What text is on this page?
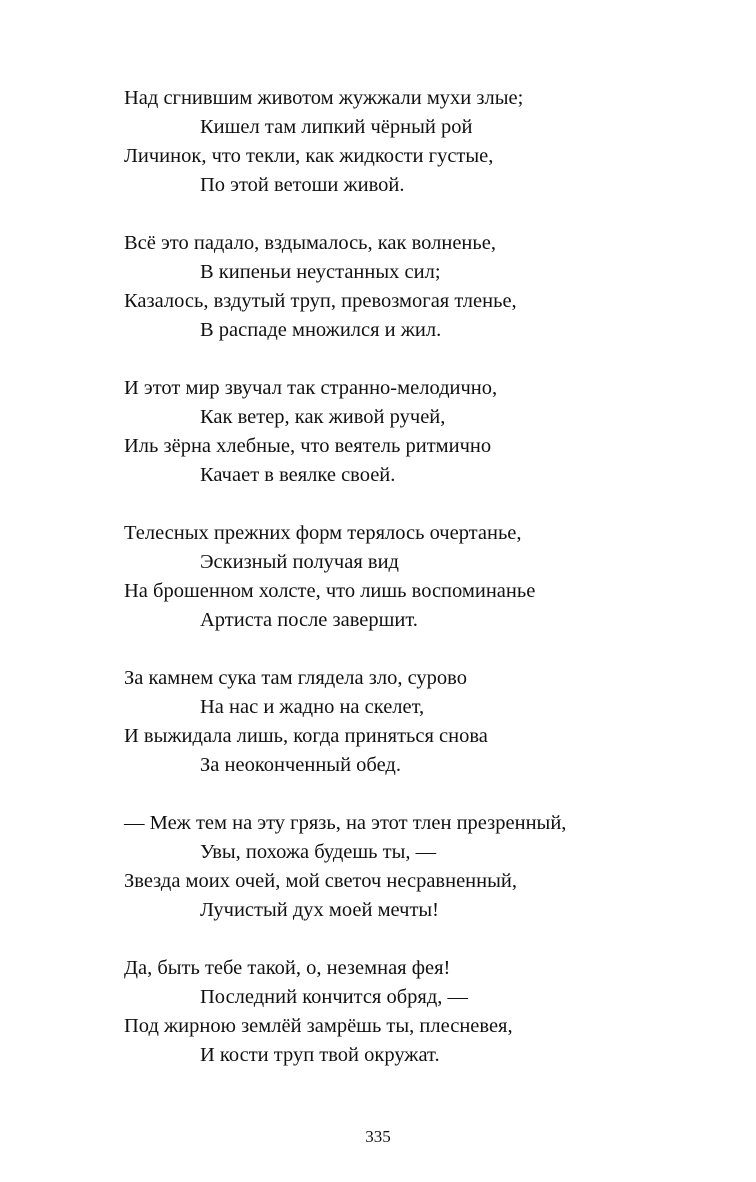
Над сгнившим животом жужжали мухи злые;
Кишел там липкий чёрный рой
Личинок, что текли, как жидкости густые,
По этой ветоши живой.
Всё это падало, вздымалось, как волненье,
В кипеньи неустанных сил;
Казалось, вздутый труп, превозмогая тленье,
В распаде множился и жил.
И этот мир звучал так странно-мелодично,
Как ветер, как живой ручей,
Иль зёрна хлебные, что веятель ритмично
Качает в веялке своей.
Телесных прежних форм терялось очертанье,
Эскизный получая вид
На брошенном холсте, что лишь воспоминанье
Артиста после завершит.
За камнем сука там глядела зло, сурово
На нас и жадно на скелет,
И выжидала лишь, когда приняться снова
За неоконченный обед.
— Меж тем на эту грязь, на этот тлен презренный,
Увы, похожа будешь ты, —
Звезда моих очей, мой светоч несравненный,
Лучистый дух моей мечты!
Да, быть тебе такой, о, неземная фея!
Последний кончится обряд, —
Под жирною землёй замрёшь ты, плесневея,
И кости труп твой окружат.
335
